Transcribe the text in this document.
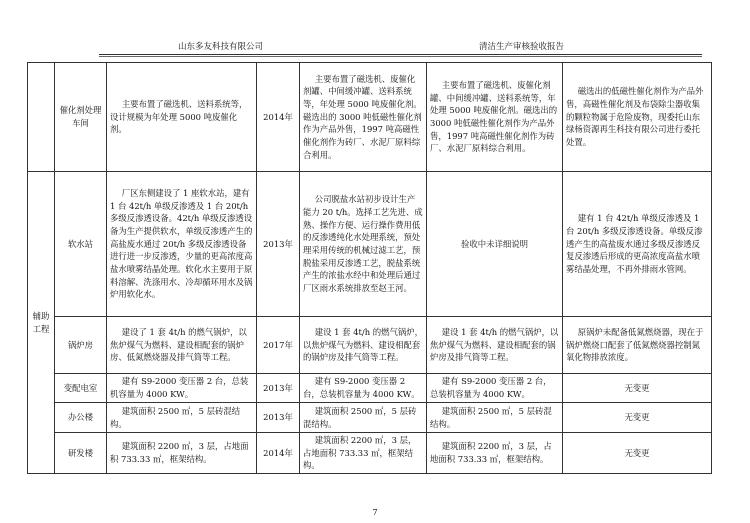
山东多友科技有限公司	清洁生产审核验收报告
	催化剂处理车间	主要布置了磁选机、送料系统等，设计规模为年处理 5000 吨废催化剂。	2014年	主要布置了磁选机、废催化剂罐、中间缓冲罐、送料系统等，年处理 5000 吨废催化剂。磁选出的 3000 吨低磁性催化剂作为产品外售，1997 吨高磁性催化剂作为砖厂、水泥厂原料综合利用。	主要布置了磁选机、废催化剂罐、中间缓冲罐、送料系统等，年处理 5000 吨废催化剂。磁选出的 3000 吨低磁性催化剂作为产品外售，1997 吨高磁性催化剂作为砖厂、水泥厂原料综合利用。	磁选出的低磁性催化剂作为产品外售，高磁性催化剂及布袋除尘器收集的颗粒物属于危险废物，现委托山东绿杨资源再生科技有限公司进行委托处置。
辅助工程	软水站	厂区东侧建设了 1 座软水站，建有 1 台 42t/h 单级反渗透及 1 台 20t/h 多级反渗透设备。42t/h 单级反渗透设备为生产提供软水，单级反渗透产生的高盐废水通过 20t/h 多级反渗透设备进行进一步反渗透，少量的更高浓度高盐水喷雾结晶处理。软化水主要用于原料溶解、洗涤用水、冷却循环用水及锅炉用软化水。	2013年	公司脱盐水站初步设计生产能力 20 t/h。选择工艺先进、成熟、操作方便、运行操作费用低的反渗透纯化水处理系统，预处理采用传统的机械过滤工艺，预脱盐采用反渗透工艺，脱盐系统产生的浓盐水经中和处理后通过厂区雨水系统排放至赵王河。	验收中未详细说明	建有 1 台 42t/h 单级反渗透及 1 台 20t/h 多级反渗透设备。单级反渗透产生的高盐废水通过多级反渗透反复反渗透后形成的更高浓度高盐水喷雾结晶处理，不再外排雨水管网。
	锅炉房	建设了 1 套 4t/h 的燃气锅炉，以焦炉煤气为燃料、建设相配套的锅炉房、低氮燃烧器及排气筒等工程。	2017年	建设 1 套 4t/h 的燃气锅炉，以焦炉煤气为燃料、建设相配套的锅炉房及排气筒等工程。	建设 1 套 4t/h 的燃气锅炉，以焦炉煤气为燃料、建设相配套的锅炉房及排气筒等工程。	原锅炉未配备低氮燃烧器，现在于锅炉燃烧口配套了低氮燃烧器控制氮氧化物排放浓度。
	变配电室	建有 S9-2000 变压器 2 台，总装机容量为 4000 KW。	2013年	建有 S9-2000 变压器 2 台，总装机容量为 4000 KW。	建有 S9-2000 变压器 2 台，总装机容量为 4000 KW。	无变更
	办公楼	建筑面积 2500 ㎡，5 层砖混结构。	2013年	建筑面积 2500 ㎡，5 层砖混结构。	建筑面积 2500 ㎡，5 层砖混结构。	无变更
	研发楼	建筑面积 2200 ㎡，3 层，占地面积 733.33 ㎡，框架结构。	2014年	建筑面积 2200 ㎡，3 层，占地面积 733.33 ㎡，框架结构。	建筑面积 2200 ㎡，3 层，占地面积 733.33 ㎡，框架结构。	无变更
7
